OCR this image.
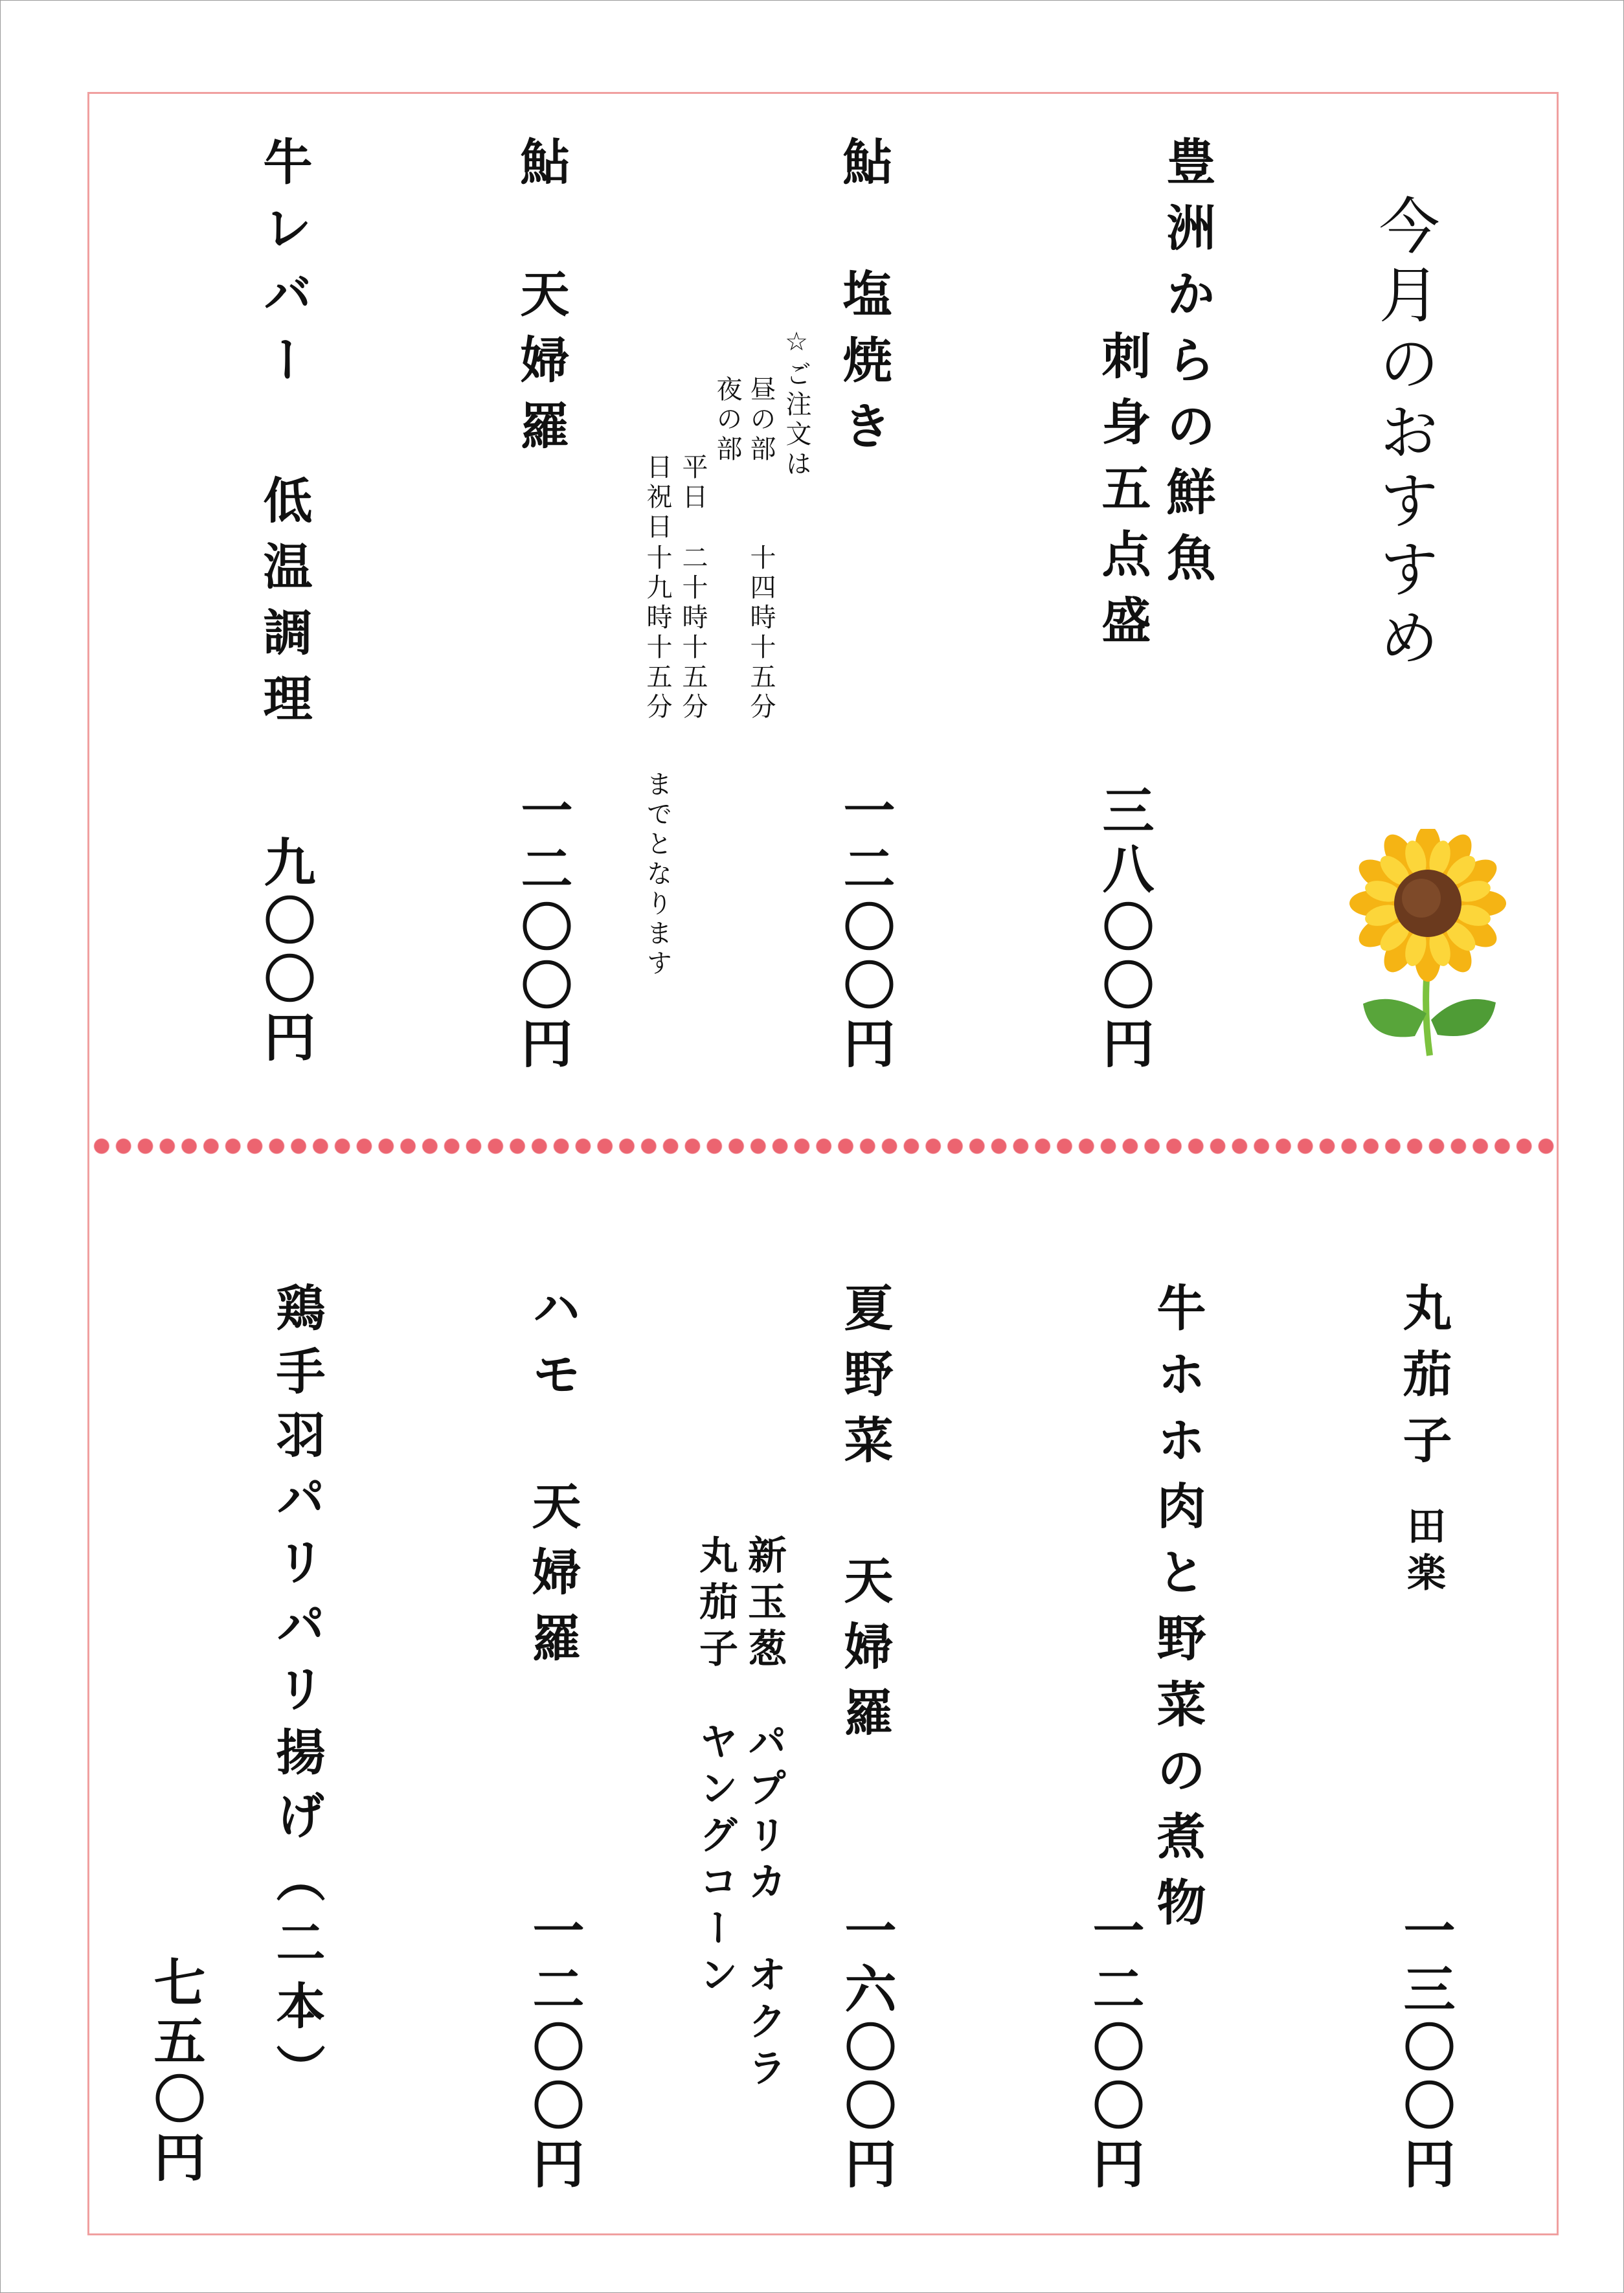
今月のおすすめ

豊洲からの鮮魚

刺身五点盛

三八〇〇円

鮎　塩焼き

一二〇〇円

☆ご注文は

昼の部

十四時十五分

夜の部

平日

二十時十五分

日祝日

十九時十五分

までとなります

鮎　天婦羅

一二〇〇円

牛レバー 低温調理

九〇〇円

丸茄子

田楽

一三〇〇円

牛ホホ肉と野菜の煮物

一二〇〇円

夏野菜 天婦羅

新玉葱　パプリカ　オクラ

丸茄子　ヤングコーン

一六〇〇円

ハモ　天婦羅

一二〇〇円

鶏手羽パリパリ揚げ（二本）

七五〇円
